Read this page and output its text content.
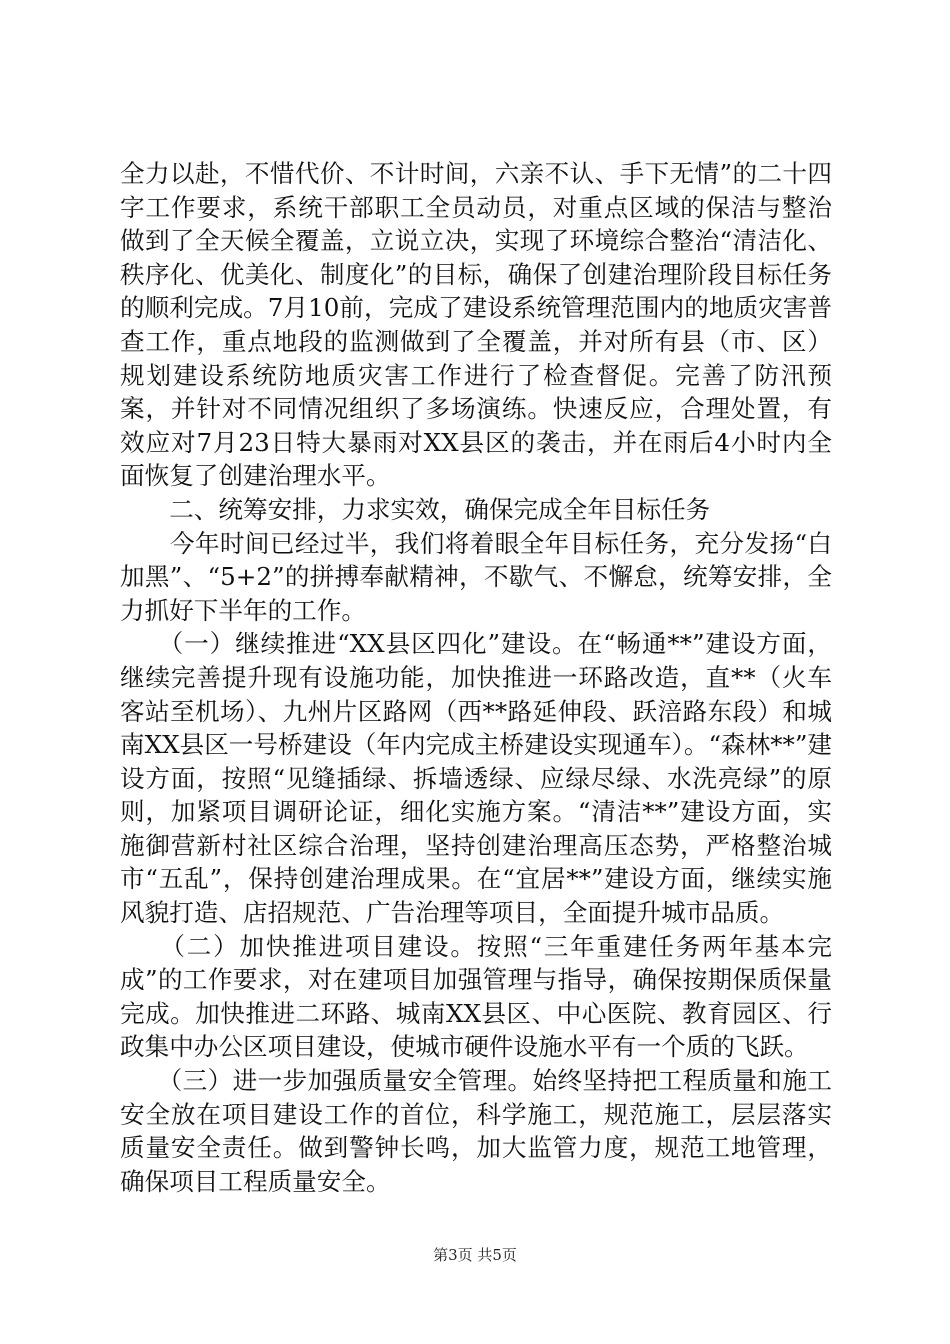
全力以赴，不惜代价、不计时间，六亲不认、手下无情”的二十四字工作要求，系统干部职工全员动员，对重点区域的保洁与整治做到了全天候全覆盖，立说立决，实现了环境综合整治“清洁化、秩序化、优美化、制度化”的目标，确保了创建治理阶段目标任务的顺利完成。7月10前，完成了建设系统管理范围内的地质灾害普查工作，重点地段的监测做到了全覆盖，并对所有县（市、区）规划建设系统防地质灾害工作进行了检查督促。完善了防汛预案，并针对不同情况组织了多场演练。快速反应，合理处置，有效应对7月23日特大暴雨对XX县区的袭击，并在雨后4小时内全面恢复了创建治理水平。

　　二、统筹安排，力求实效，确保完成全年目标任务

　　今年时间已经过半，我们将着眼全年目标任务，充分发扬“白加黑”、“5+2”的拼搏奉献精神，不歇气、不懈怠，统筹安排，全力抓好下半年的工作。

　　（一）继续推进“XX县区四化”建设。在“畅通**”建设方面，继续完善提升现有设施功能，加快推进一环路改造，直**（火车客站至机场）、九州片区路网（西**路延伸段、跃涪路东段）和城南XX县区一号桥建设（年内完成主桥建设实现通车）。“森林**”建设方面，按照“见缝插绿、拆墙透绿、应绿尽绿、水洗亮绿”的原则，加紧项目调研论证，细化实施方案。“清洁**”建设方面，实施御营新村社区综合治理，坚持创建治理高压态势，严格整治城市“五乱”，保持创建治理成果。在“宜居**”建设方面，继续实施风貌打造、店招规范、广告治理等项目，全面提升城市品质。

　　（二）加快推进项目建设。按照“三年重建任务两年基本完成”的工作要求，对在建项目加强管理与指导，确保按期保质保量完成。加快推进二环路、城南XX县区、中心医院、教育园区、行政集中办公区项目建设，使城市硬件设施水平有一个质的飞跃。

　　（三）进一步加强质量安全管理。始终坚持把工程质量和施工安全放在项目建设工作的首位，科学施工，规范施工，层层落实质量安全责任。做到警钟长鸣，加大监管力度，规范工地管理，确保项目工程质量安全。

第3页 共5页
